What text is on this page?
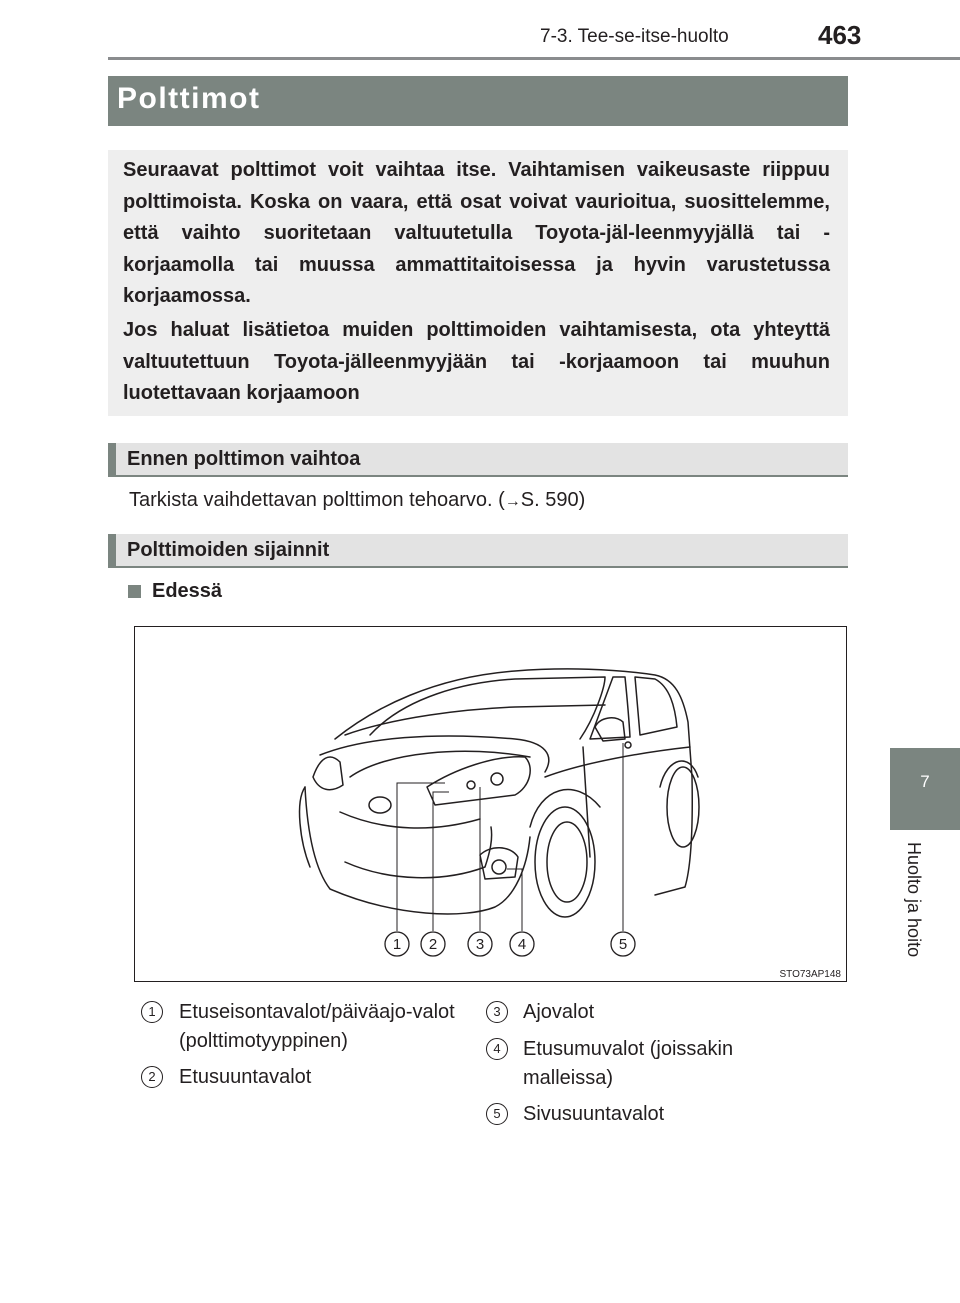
7-3. Tee-se-itse-huolto	463
7
Huolto ja hoito
Polttimot

Seuraavat polttimot voit vaihtaa itse. Vaihtamisen vaikeusaste riippuu polttimoista. Koska on vaara, että osat voivat vaurioitua, suosittelemme, että vaihto suoritetaan valtuutetulla Toyota-jäl-leenmyyjällä tai -korjaamolla tai muussa ammattitaitoisessa ja hyvin varustetussa korjaamossa.

Jos haluat lisätietoa muiden polttimoiden vaihtamisesta, ota yhteyttä valtuutettuun Toyota-jälleenmyyjään tai -korjaamoon tai muuhun luotettavaan korjaamoon

Ennen polttimon vaihtoa
Tarkista vaihdettavan polttimon tehoarvo. (→S. 590)
Polttimoiden sijainnit
Edessä
1 2	3 4	5
STO73AP148
1	Etuseisontavalot/päiväajo-valot (polttimotyyppinen)
2	Etusuuntavalot
3	Ajovalot
4	Etusumuvalot (joissakin malleissa)
5	Sivusuuntavalot
